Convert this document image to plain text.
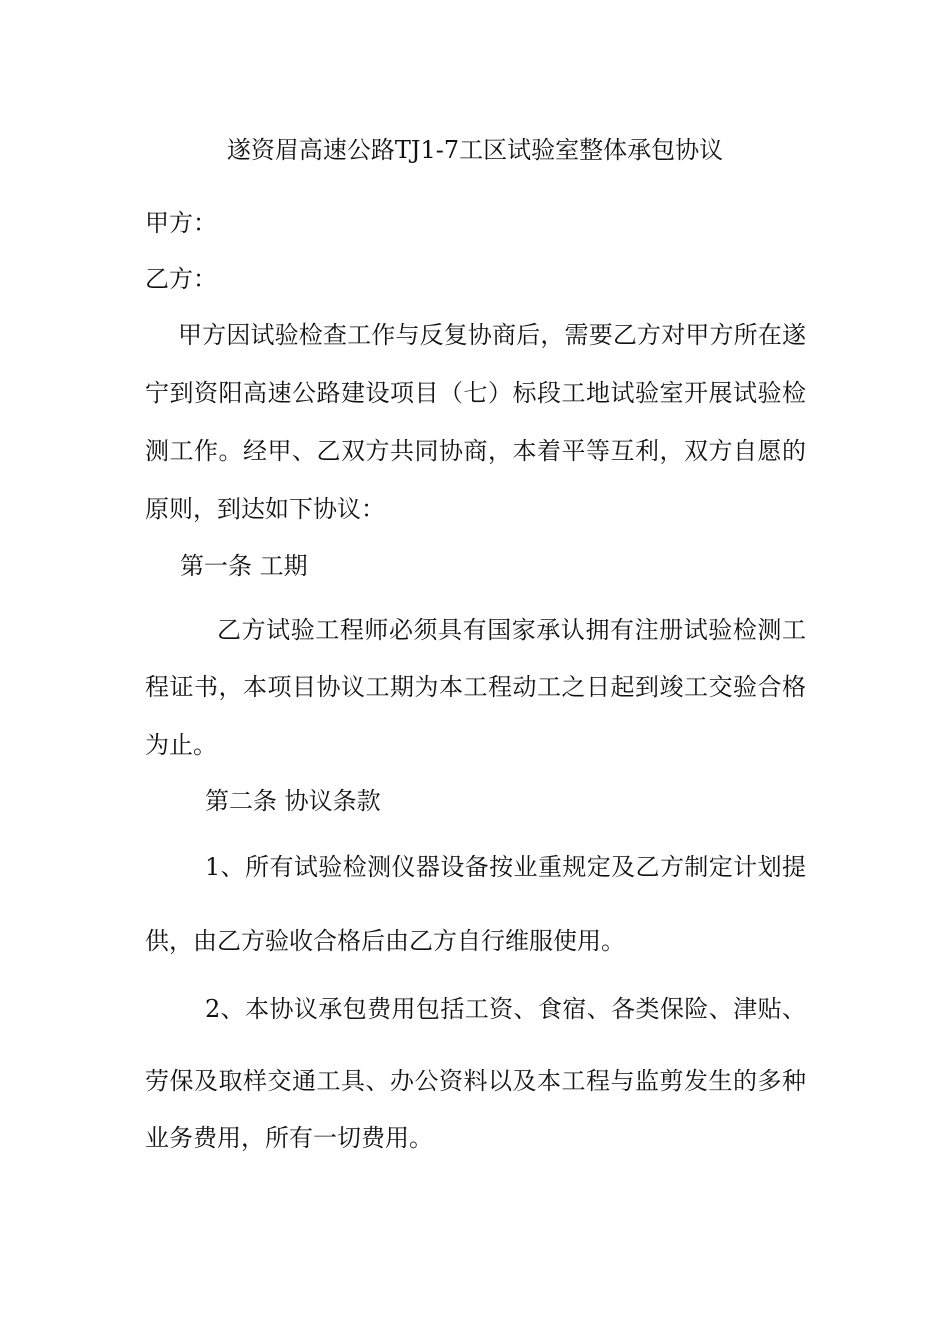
遂资眉高速公路TJ1-7工区试验室整体承包协议
甲方：
乙方：
甲方因试验检查工作与反复协商后，需要乙方对甲方所在遂
宁到资阳高速公路建设项目（七）标段工地试验室开展试验检
测工作。经甲、乙双方共同协商，本着平等互利，双方自愿的
原则，到达如下协议：
第一条 工期
乙方试验工程师必须具有国家承认拥有注册试验检测工
程证书，本项目协议工期为本工程动工之日起到竣工交验合格
为止。
第二条 协议条款
1、所有试验检测仪器设备按业重规定及乙方制定计划提
供，由乙方验收合格后由乙方自行维服使用。
2、本协议承包费用包括工资、食宿、各类保险、津贴、
劳保及取样交通工具、办公资料以及本工程与监剪发生的多种
业务费用，所有一切费用。
